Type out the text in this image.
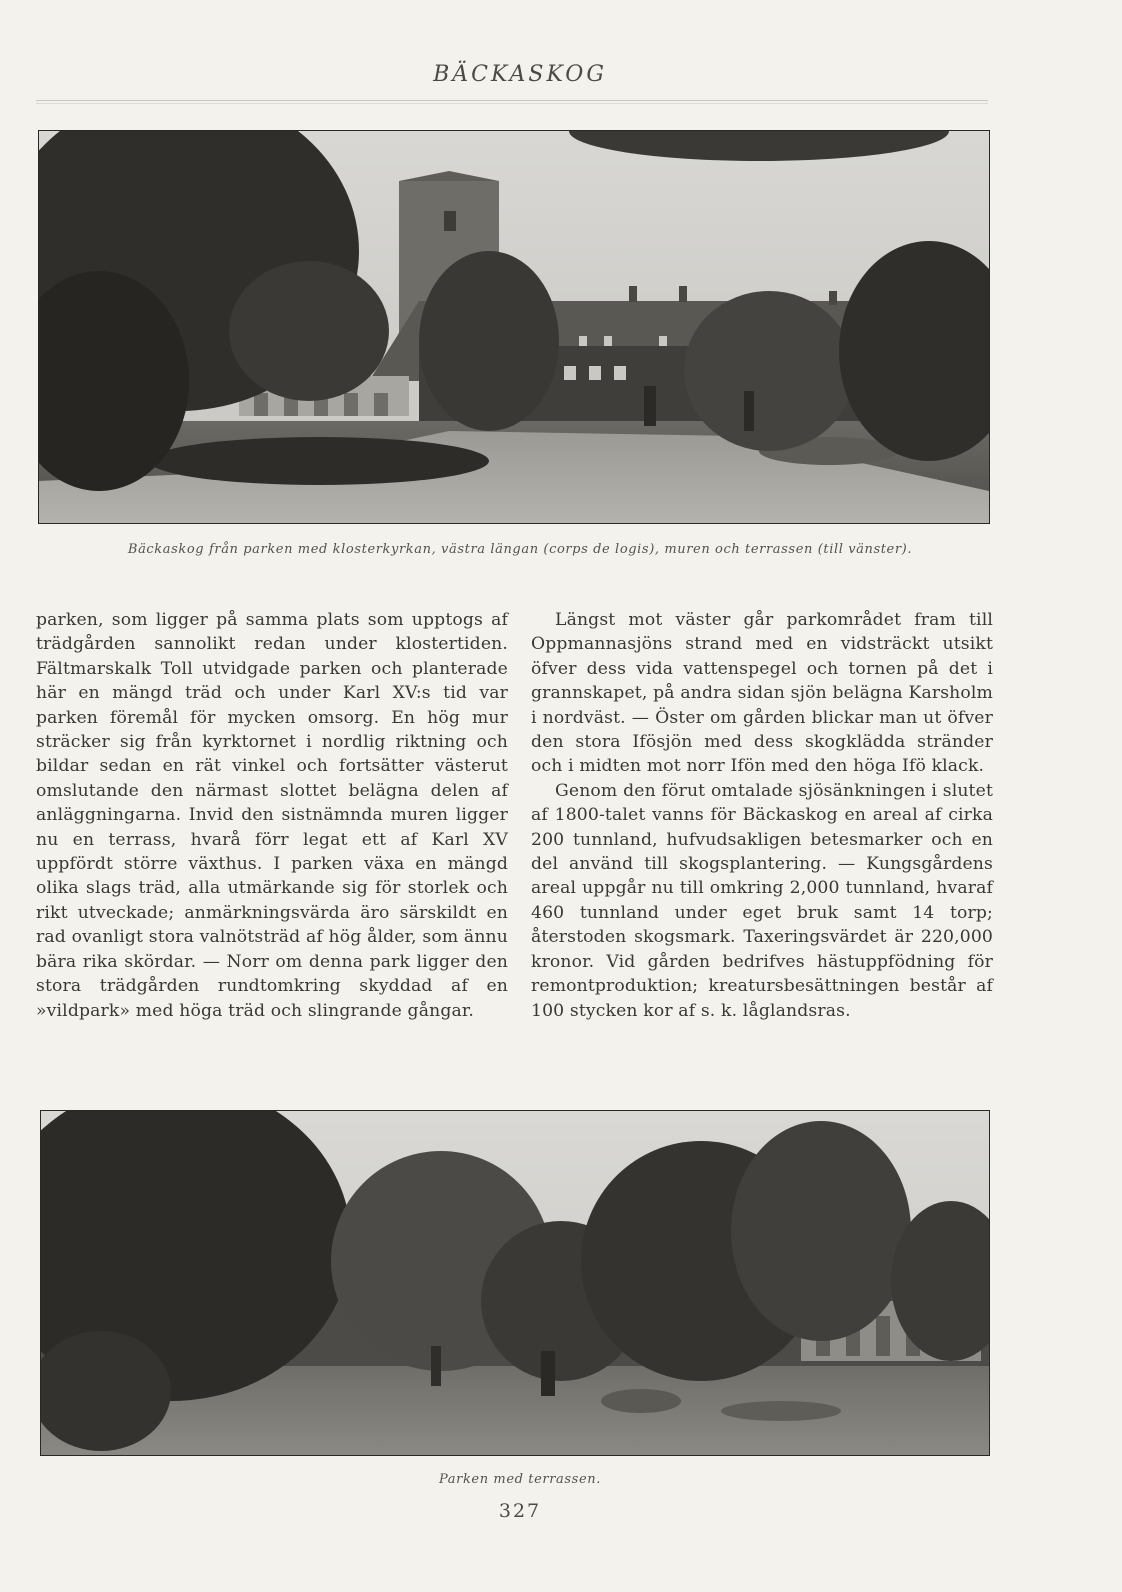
BÄCKASKOG
Bäckaskog från parken med klosterkyrkan, västra längan (corps de logis), muren och terrassen (till vänster).

parken, som ligger på samma plats som upptogs af trädgården sannolikt redan under klostertiden. Fältmarskalk Toll utvidgade parken och planterade här en mängd träd och under Karl XV:s tid var parken föremål för mycken omsorg. En hög mur sträcker sig från kyrktornet i nordlig riktning och bildar sedan en rät vinkel och fortsätter västerut omslutande den närmast slottet belägna delen af anläggningarna. Invid den sistnämnda muren ligger nu en terrass, hvarå förr legat ett af Karl XV uppfördt större växthus. I parken växa en mängd olika slags träd, alla utmärkande sig för storlek och rikt utveckade; anmärkningsvärda äro särskildt en rad ovanligt stora valnötsträd af hög ålder, som ännu bära rika skördar. — Norr om denna park ligger den stora trädgården rundtomkring skyddad af en »vildpark» med höga träd och slingrande gångar.

Längst mot väster går parkområdet fram till Oppmannasjöns strand med en vidsträckt utsikt öfver dess vida vattenspegel och tornen på det i grannskapet, på andra sidan sjön belägna Karsholm i nordväst. — Öster om gården blickar man ut öfver den stora Ifösjön med dess skogklädda stränder och i midten mot norr Ifön med den höga Ifö klack.

Genom den förut omtalade sjösänkningen i slutet af 1800-talet vanns för Bäckaskog en areal af cirka 200 tunnland, hufvudsakligen betesmarker och en del använd till skogsplantering. — Kungsgårdens areal uppgår nu till omkring 2,000 tunnland, hvaraf 460 tunnland under eget bruk samt 14 torp; återstoden skogsmark. Taxeringsvärdet är 220,000 kronor. Vid gården bedrifves hästuppfödning för remontproduktion; kreatursbesättningen består af 100 stycken kor af s. k. låglandsras.

Parken med terrassen.
327
